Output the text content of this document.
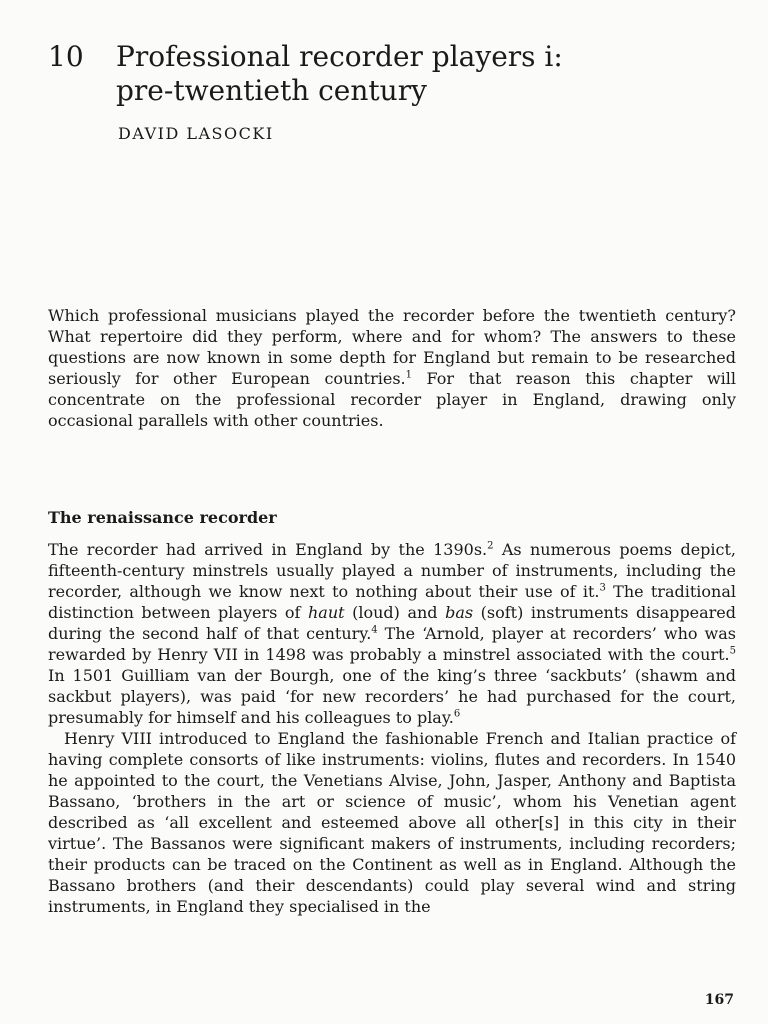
10	Professional recorder players i:
pre-twentieth century
DAVID LASOCKI

Which professional musicians played the recorder before the twentieth century? What repertoire did they perform, where and for whom? The answers to these questions are now known in some depth for England but remain to be researched seriously for other European countries.$^1$ For that reason this chapter will concentrate on the professional recorder player in England, drawing only occasional parallels with other countries.

The renaissance recorder

The recorder had arrived in England by the 1390s.$^2$ As numerous poems depict, fifteenth-century minstrels usually played a number of instruments, including the recorder, although we know next to nothing about their use of it.$^3$ The traditional distinction between players of haut (loud) and bas (soft) instruments disappeared during the second half of that century.$^4$ The ‘Arnold, player at recorders’ who was rewarded by Henry VII in 1498 was probably a minstrel associated with the court.$^5$ In 1501 Guilliam van der Bourgh, one of the king’s three ‘sackbuts’ (shawm and sackbut players), was paid ‘for new recorders’ he had purchased for the court, presumably for himself and his colleagues to play.$^6$

Henry VIII introduced to England the fashionable French and Italian practice of having complete consorts of like instruments: violins, flutes and recorders. In 1540 he appointed to the court, the Venetians Alvise, John, Jasper, Anthony and Baptista Bassano, ‘brothers in the art or science of music’, whom his Venetian agent described as ‘all excellent and esteemed above all other[s] in this city in their virtue’. The Bassanos were significant makers of instruments, including recorders; their products can be traced on the Continent as well as in England. Although the Bassano brothers (and their descendants) could play several wind and string instruments, in England they specialised in the

167
